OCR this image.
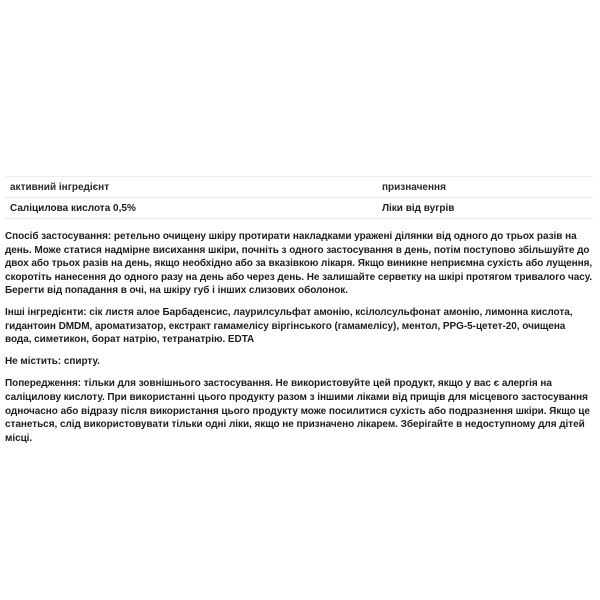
активний інгредієнт	призначення
Саліцилова кислота 0,5%	Ліки від вугрів

Спосіб застосування: ретельно очищену шкіру протирати накладками уражені ділянки від одного до трьох разів на день. Може статися надмірне висихання шкіри, почніть з одного застосування в день, потім поступово збільшуйте до двох або трьох разів на день, якщо необхідно або за вказівкою лікаря. Якщо виникне неприємна сухість або лущення, скоротіть нанесення до одного разу на день або через день. Не залишайте серветку на шкірі протягом тривалого часу. Берегти від попадання в очі, на шкіру губ і інших слизових оболонок.

Інші інгредієнти: сік листя алое Барбаденсис, лаурилсульфат амонію, ксілолсульфонат амонію, лимонна кислота, гидантоин DMDM, ароматизатор, екстракт гамамелісу віргінського (гамамелісу), ментол, PPG-5-цетет-20, очищена вода, симетикон, борат натрію, тетранатрію. EDTA

Не містить: спирту.

Попередження: тільки для зовнішнього застосування. Не використовуйте цей продукт, якщо у вас є алергія на саліцилову кислоту. При використанні цього продукту разом з іншими ліками від прищів для місцевого застосування одночасно або відразу після використання цього продукту може посилитися сухість або подразнення шкіри. Якщо це станеться, слід використовувати тільки одні ліки, якщо не призначено лікарем. Зберігайте в недоступному для дітей місці.
